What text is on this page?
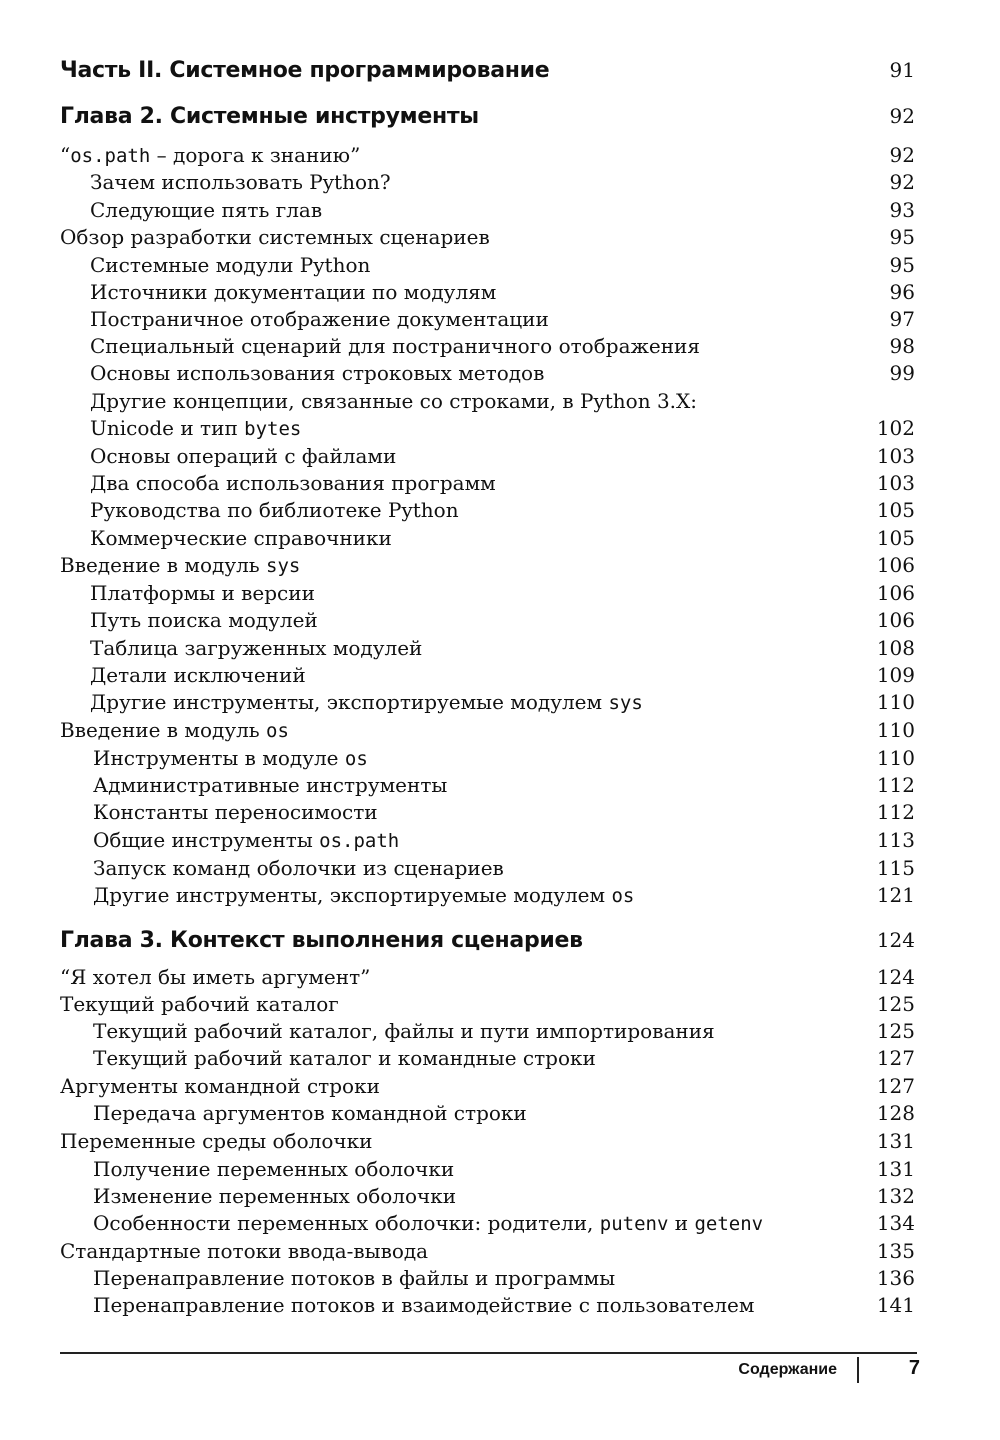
Часть II. Системное программирование	91
Глава 2. Системные инструменты	92
“os.path – дорога к знанию”	92
Зачем использовать Python?	92
Следующие пять глав	93
Обзор разработки системных сценариев	95
Системные модули Python	95
Источники документации по модулям	96
Постраничное отображение документации	97
Специальный сценарий для постраничного отображения	98
Основы использования строковых методов	99
Другие концепции, связанные со строками, в Python 3.X:
Unicode и тип bytes	102
Основы операций с файлами	103
Два способа использования программ	103
Руководства по библиотеке Python	105
Коммерческие справочники	105
Введение в модуль sys	106
Платформы и версии	106
Путь поиска модулей	106
Таблица загруженных модулей	108
Детали исключений	109
Другие инструменты, экспортируемые модулем sys	110
Введение в модуль os	110
Инструменты в модуле os	110
Административные инструменты	112
Константы переносимости	112
Общие инструменты os.path	113
Запуск команд оболочки из сценариев	115
Другие инструменты, экспортируемые модулем os	121
Глава 3. Контекст выполнения сценариев	124
“Я хотел бы иметь аргумент”	124
Текущий рабочий каталог	125
Текущий рабочий каталог, файлы и пути импортирования	125
Текущий рабочий каталог и командные строки	127
Аргументы командной строки	127
Передача аргументов командной строки	128
Переменные среды оболочки	131
Получение переменных оболочки	131
Изменение переменных оболочки	132
Особенности переменных оболочки: родители, putenv и getenv	134
Стандартные потоки ввода-вывода	135
Перенаправление потоков в файлы и программы	136
Перенаправление потоков и взаимодействие с пользователем	141
Содержание	7
